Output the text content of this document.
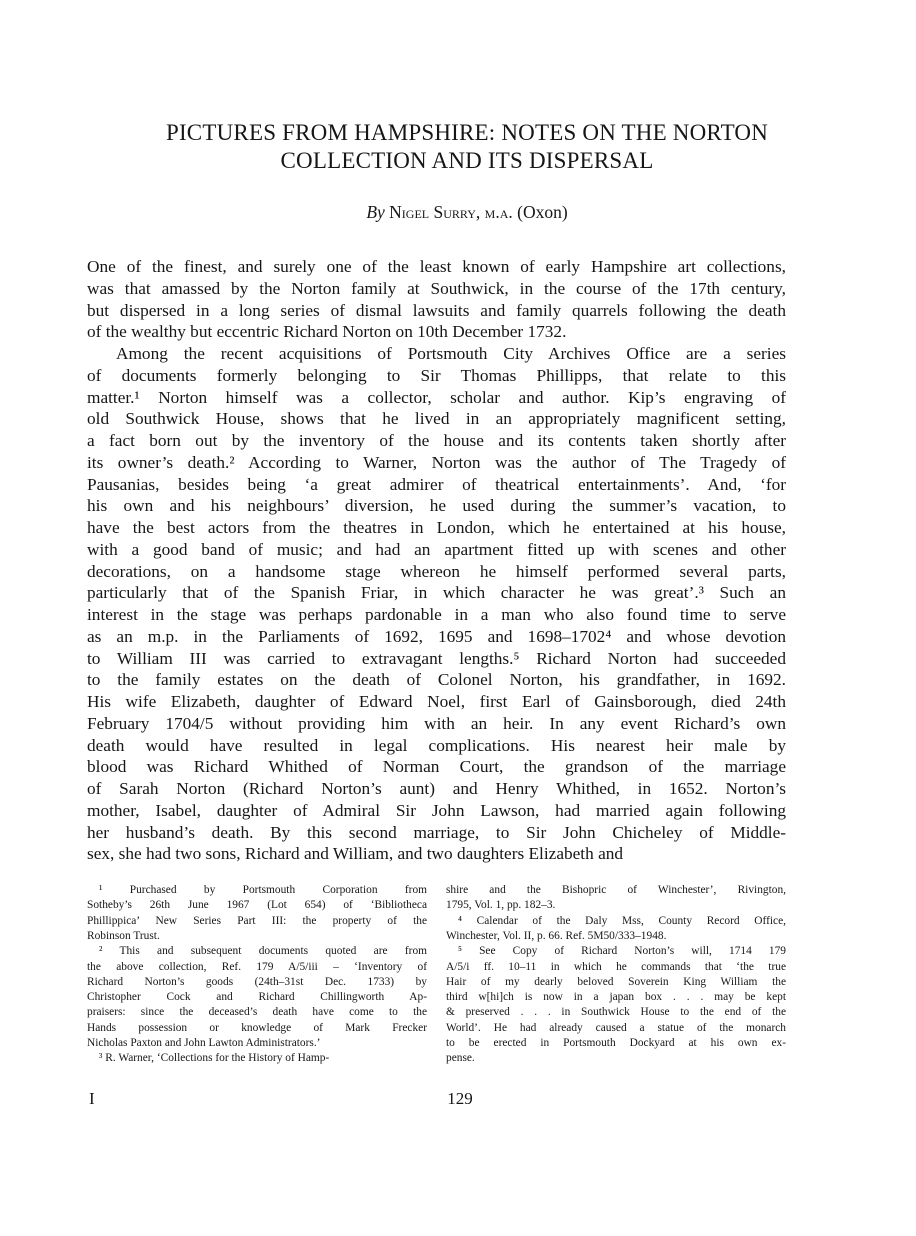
PICTURES FROM HAMPSHIRE: NOTES ON THE NORTON
COLLECTION AND ITS DISPERSAL
By Nigel Surry, m.a. (Oxon)
One of the finest, and surely one of the least known of early Hampshire art collections,
was that amassed by the Norton family at Southwick, in the course of the 17th century,
but dispersed in a long series of dismal lawsuits and family quarrels following the death
of the wealthy but eccentric Richard Norton on 10th December 1732.
Among the recent acquisitions of Portsmouth City Archives Office are a series
of documents formerly belonging to Sir Thomas Phillipps, that relate to this
matter.¹ Norton himself was a collector, scholar and author. Kip’s engraving of
old Southwick House, shows that he lived in an appropriately magnificent setting,
a fact born out by the inventory of the house and its contents taken shortly after
its owner’s death.² According to Warner, Norton was the author of The Tragedy of
Pausanias, besides being ‘a great admirer of theatrical entertainments’. And, ‘for
his own and his neighbours’ diversion, he used during the summer’s vacation, to
have the best actors from the theatres in London, which he entertained at his house,
with a good band of music; and had an apartment fitted up with scenes and other
decorations, on a handsome stage whereon he himself performed several parts,
particularly that of the Spanish Friar, in which character he was great’.³ Such an
interest in the stage was perhaps pardonable in a man who also found time to serve
as an m.p. in the Parliaments of 1692, 1695 and 1698–1702⁴ and whose devotion
to William III was carried to extravagant lengths.⁵ Richard Norton had succeeded
to the family estates on the death of Colonel Norton, his grandfather, in 1692.
His wife Elizabeth, daughter of Edward Noel, first Earl of Gainsborough, died 24th
February 1704/5 without providing him with an heir. In any event Richard’s own
death would have resulted in legal complications. His nearest heir male by
blood was Richard Whithed of Norman Court, the grandson of the marriage
of Sarah Norton (Richard Norton’s aunt) and Henry Whithed, in 1652. Norton’s
mother, Isabel, daughter of Admiral Sir John Lawson, had married again following
her husband’s death. By this second marriage, to Sir John Chicheley of Middle-
sex, she had two sons, Richard and William, and two daughters Elizabeth and
¹ Purchased by Portsmouth Corporation from
Sotheby’s 26th June 1967 (Lot 654) of ‘Bibliotheca
Phillippica’ New Series Part III: the property of the
Robinson Trust.
² This and subsequent documents quoted are from
the above collection, Ref. 179 A/5/iii – ‘Inventory of
Richard Norton’s goods (24th–31st Dec. 1733) by
Christopher Cock and Richard Chillingworth Ap-
praisers: since the deceased’s death have come to the
Hands possession or knowledge of Mark Frecker
Nicholas Paxton and John Lawton Administrators.’
³ R. Warner, ‘Collections for the History of Hamp-
shire and the Bishopric of Winchester’, Rivington,
1795, Vol. 1, pp. 182–3.
⁴ Calendar of the Daly Mss, County Record Office,
Winchester, Vol. II, p. 66. Ref. 5M50/333–1948.
⁵ See Copy of Richard Norton’s will, 1714 179
A/5/i ff. 10–11 in which he commands that ‘the true
Hair of my dearly beloved Soverein King William the
third w[hi]ch is now in a japan box . . . may be kept
& preserved . . . in Southwick House to the end of the
World’. He had already caused a statue of the monarch
to be erected in Portsmouth Dockyard at his own ex-
pense.
I	129
